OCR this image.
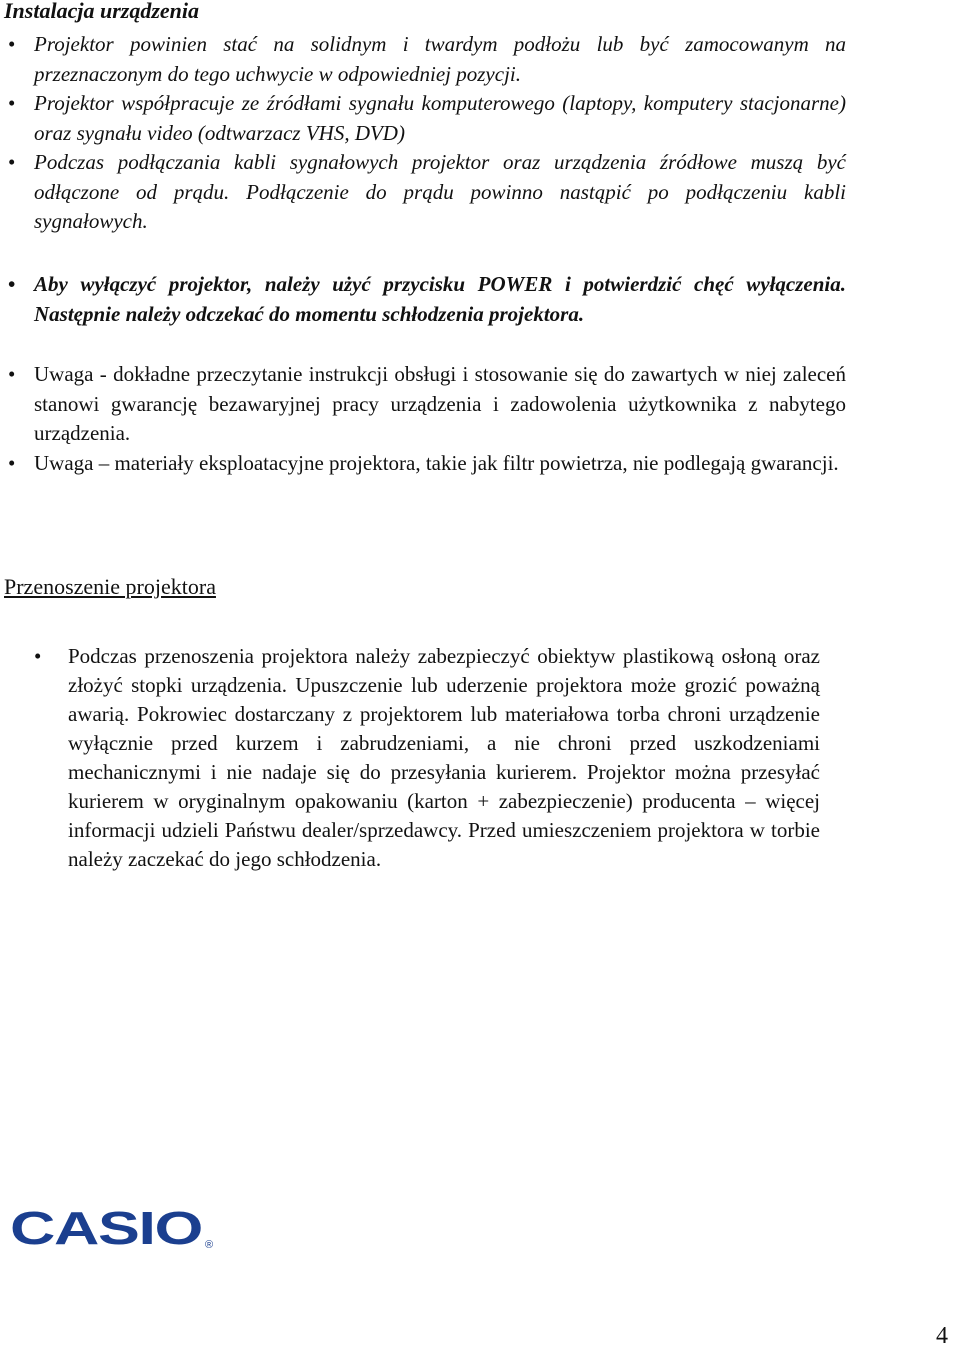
Instalacja urządzenia
• Projektor powinien stać na solidnym i twardym podłożu lub być zamocowanym na przeznaczonym do tego uchwycie w odpowiedniej pozycji.
• Projektor współpracuje ze źródłami sygnału komputerowego (laptopy, komputery stacjonarne) oraz sygnału video (odtwarzacz VHS, DVD)
• Podczas podłączania kabli sygnałowych projektor oraz urządzenia źródłowe muszą być odłączone od prądu. Podłączenie do prądu powinno nastąpić po podłączeniu kabli sygnałowych.
• Aby wyłączyć projektor, należy użyć przycisku POWER i potwierdzić chęć wyłączenia. Następnie należy odczekać do momentu schłodzenia projektora.
• Uwaga - dokładne przeczytanie instrukcji obsługi i stosowanie się do zawartych w niej zaleceń stanowi gwarancję bezawaryjnej pracy urządzenia i zadowolenia użytkownika z nabytego urządzenia.
• Uwaga – materiały eksploatacyjne projektora, takie jak filtr powietrza, nie podlegają gwarancji.
Przenoszenie projektora
• Podczas przenoszenia projektora należy zabezpieczyć obiektyw plastikową osłoną oraz złożyć stopki urządzenia. Upuszczenie lub uderzenie projektora może grozić poważną awarią. Pokrowiec dostarczany z projektorem lub materiałowa torba chroni urządzenie wyłącznie przed kurzem i zabrudzeniami, a nie chroni przed uszkodzeniami mechanicznymi i nie nadaje się do przesyłania kurierem. Projektor można przesyłać kurierem w oryginalnym opakowaniu (karton + zabezpieczenie) producenta – więcej informacji udzieli Państwu dealer/sprzedawcy. Przed umieszczeniem projektora w torbie należy zaczekać do jego schłodzenia.

CASIO ®
4
